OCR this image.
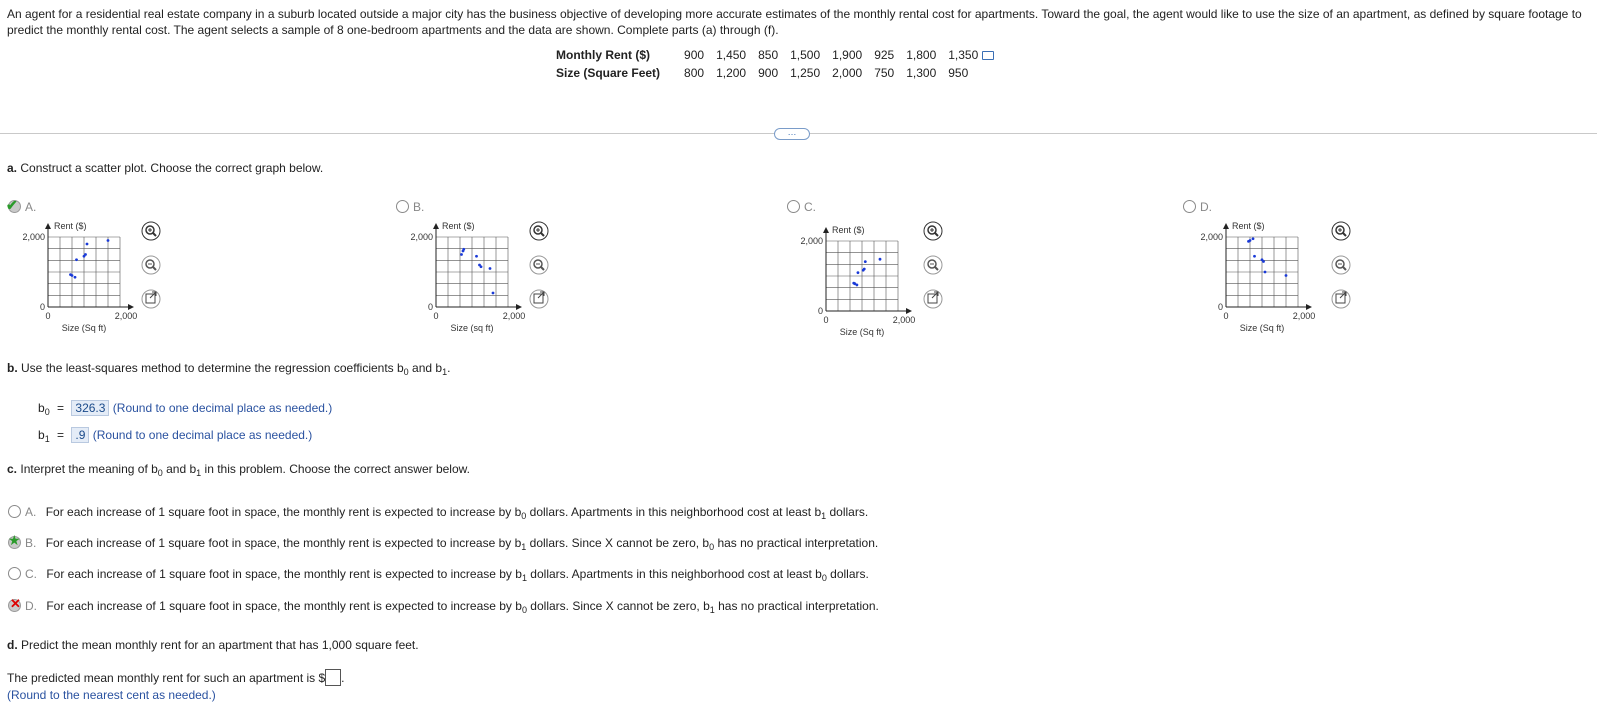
An agent for a residential real estate company in a suburb located outside a major city has the business objective of developing more accurate estimates of the monthly rental cost for apartments. Toward the goal, the agent would like to use the size of an apartment, as defined by square footage to predict the monthly rental cost. The agent selects a sample of 8 one-bedroom apartments and the data are shown. Complete parts (a) through (f).
Monthly Rent ($)	900	1,450	850	1,500	1,900	925	1,800	1,350
Size (Square Feet)	800	1,200	900	1,250	2,000	750	1,300	950
…
a. Construct a scatter plot. Choose the correct graph below.
✔ A.	B.	C.	D.
Rent ($)
2,000
0
0	2,000
Size (Sq ft)
Rent ($)
2,000
0
0	2,000
Size (sq ft)
Rent ($)
2,000
0
0	2,000
Size (Sq ft)
Rent ($)
2,000
0
0	2,000
Size (Sq ft)
b. Use the least-squares method to determine the regression coefficients $b_0$ and $b_1$.
$b_0 = 326.3$ (Round to one decimal place as needed.)
$b_1 = .9$ (Round to one decimal place as needed.)
c. Interpret the meaning of $b_0$ and $b_1$ in this problem. Choose the correct answer below.
A. For each increase of 1 square foot in space, the monthly rent is expected to increase by $b_0$ dollars. Apartments in this neighborhood cost at least $b_1$ dollars.
★ B. For each increase of 1 square foot in space, the monthly rent is expected to increase by $b_1$ dollars. Since X cannot be zero, $b_0$ has no practical interpretation.
C. For each increase of 1 square foot in space, the monthly rent is expected to increase by $b_1$ dollars. Apartments in this neighborhood cost at least $b_0$ dollars.
✕ D. For each increase of 1 square foot in space, the monthly rent is expected to increase by $b_0$ dollars. Since X cannot be zero, $b_1$ has no practical interpretation.
d. Predict the mean monthly rent for an apartment that has 1,000 square feet.
The predicted mean monthly rent for such an apartment is $ .
(Round to the nearest cent as needed.)
